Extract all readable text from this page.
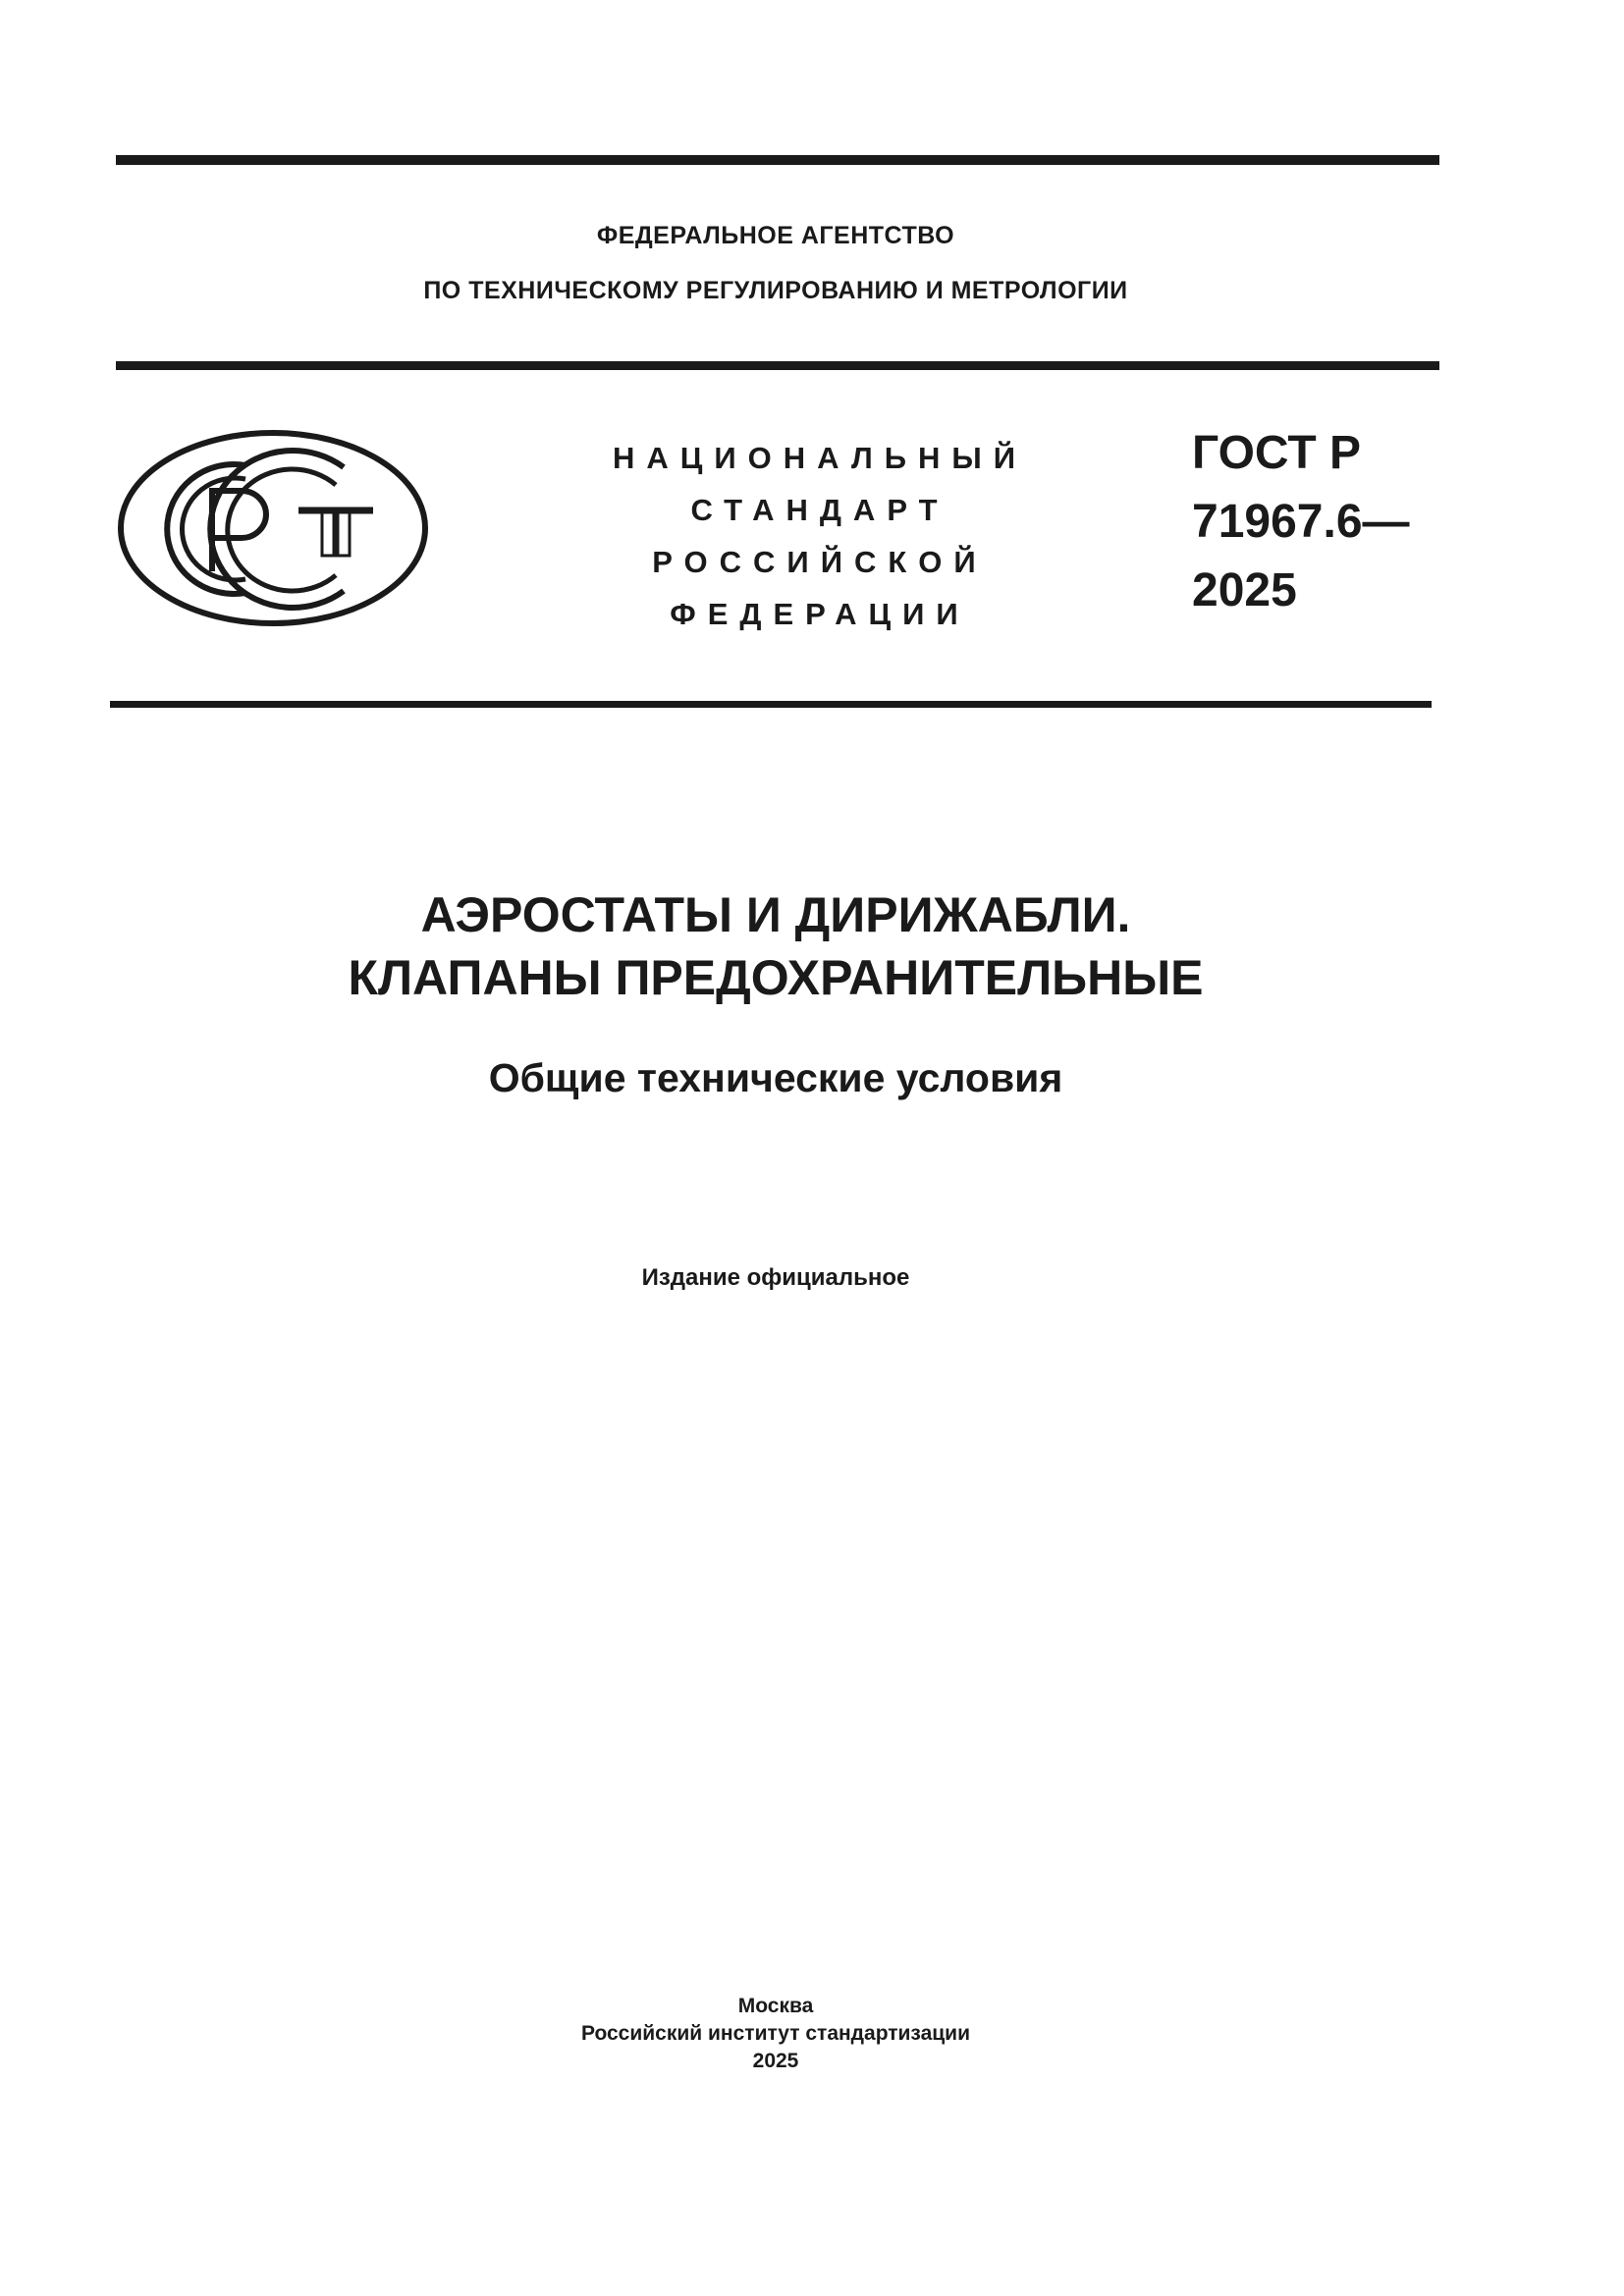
ФЕДЕРАЛЬНОЕ АГЕНТСТВО
ПО ТЕХНИЧЕСКОМУ РЕГУЛИРОВАНИЮ И МЕТРОЛОГИИ
НАЦИОНАЛЬНЫЙ
СТАНДАРТ
РОССИЙСКОЙ
ФЕДЕРАЦИИ
ГОСТ Р
71967.6—
2025
АЭРОСТАТЫ И ДИРИЖАБЛИ.
КЛАПАНЫ ПРЕДОХРАНИТЕЛЬНЫЕ
Общие технические условия
Издание официальное
Москва
Российский институт стандартизации
2025
